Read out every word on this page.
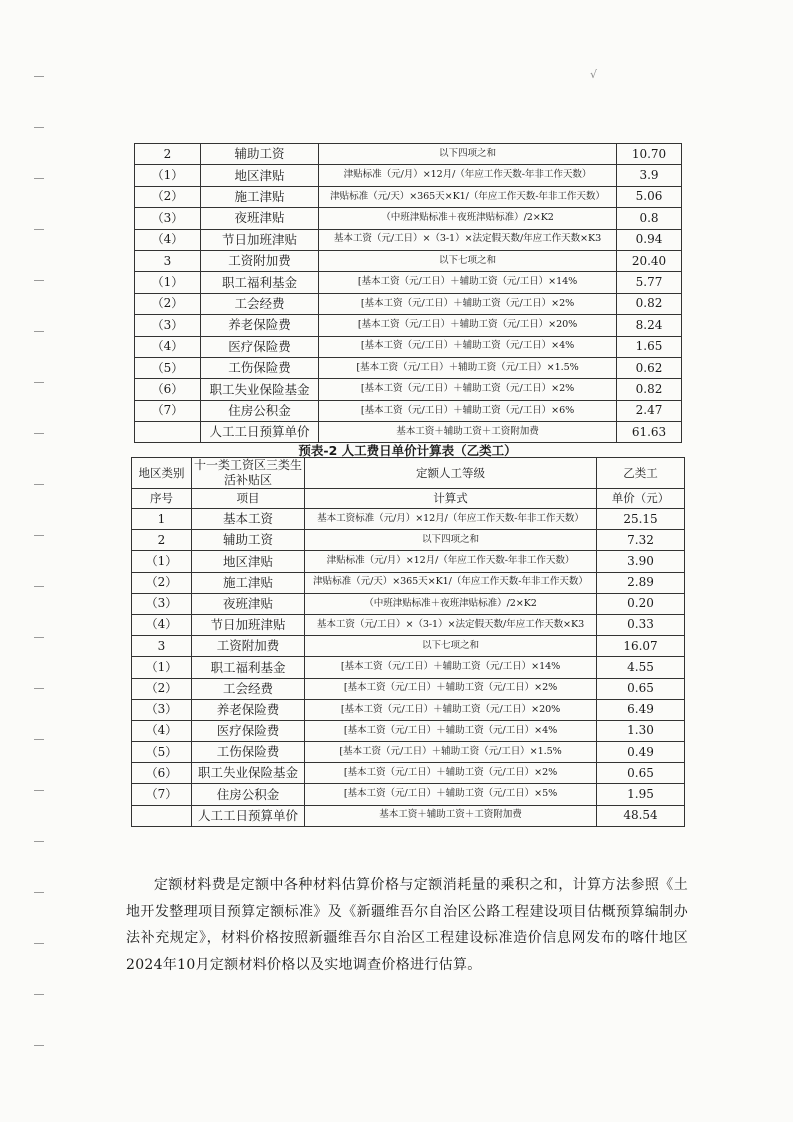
√
2	辅助工资	以下四项之和	10.70
（1）	地区津贴	津贴标准（元/月）×12月/（年应工作天数-年非工作天数）	3.9
（2）	施工津贴	津贴标准（元/天）×365天×K1/（年应工作天数-年非工作天数）	5.06
（3）	夜班津贴	（中班津贴标准＋夜班津贴标准）/2×K2	0.8
（4）	节日加班津贴	基本工资（元/工日）×（3-1）×法定假天数/年应工作天数×K3	0.94
3	工资附加费	以下七项之和	20.40
（1）	职工福利基金	[基本工资（元/工日）＋辅助工资（元/工日）×14%	5.77
（2）	工会经费	[基本工资（元/工日）＋辅助工资（元/工日）×2%	0.82
（3）	养老保险费	[基本工资（元/工日）＋辅助工资（元/工日）×20%	8.24
（4）	医疗保险费	[基本工资（元/工日）＋辅助工资（元/工日）×4%	1.65
（5）	工伤保险费	[基本工资（元/工日）＋辅助工资（元/工日）×1.5%	0.62
（6）	职工失业保险基金	[基本工资（元/工日）＋辅助工资（元/工日）×2%	0.82
（7）	住房公积金	[基本工资（元/工日）＋辅助工资（元/工日）×6%	2.47
	人工工日预算单价	基本工资＋辅助工资＋工资附加费	61.63
预表-2 人工费日单价计算表（乙类工）
地区类别	十一类工资区三类生活补贴区	定额人工等级	乙类工
序号	项目	计算式	单价（元）
1	基本工资	基本工资标准（元/月）×12月/（年应工作天数-年非工作天数）	25.15
2	辅助工资	以下四项之和	7.32
（1）	地区津贴	津贴标准（元/月）×12月/（年应工作天数-年非工作天数）	3.90
（2）	施工津贴	津贴标准（元/天）×365天×K1/（年应工作天数-年非工作天数）	2.89
（3）	夜班津贴	（中班津贴标准＋夜班津贴标准）/2×K2	0.20
（4）	节日加班津贴	基本工资（元/工日）×（3-1）×法定假天数/年应工作天数×K3	0.33
3	工资附加费	以下七项之和	16.07
（1）	职工福利基金	[基本工资（元/工日）＋辅助工资（元/工日）×14%	4.55
（2）	工会经费	[基本工资（元/工日）＋辅助工资（元/工日）×2%	0.65
（3）	养老保险费	[基本工资（元/工日）＋辅助工资（元/工日）×20%	6.49
（4）	医疗保险费	[基本工资（元/工日）＋辅助工资（元/工日）×4%	1.30
（5）	工伤保险费	[基本工资（元/工日）＋辅助工资（元/工日）×1.5%	0.49
（6）	职工失业保险基金	[基本工资（元/工日）＋辅助工资（元/工日）×2%	0.65
（7）	住房公积金	[基本工资（元/工日）＋辅助工资（元/工日）×5%	1.95
	人工工日预算单价	基本工资＋辅助工资＋工资附加费	48.54

定额材料费是定额中各种材料估算价格与定额消耗量的乘积之和，计算方法参照《土地开发整理项目预算定额标准》及《新疆维吾尔自治区公路工程建设项目估概预算编制办法补充规定》，材料价格按照新疆维吾尔自治区工程建设标准造价信息网发布的喀什地区2024年10月定额材料价格以及实地调查价格进行估算。
